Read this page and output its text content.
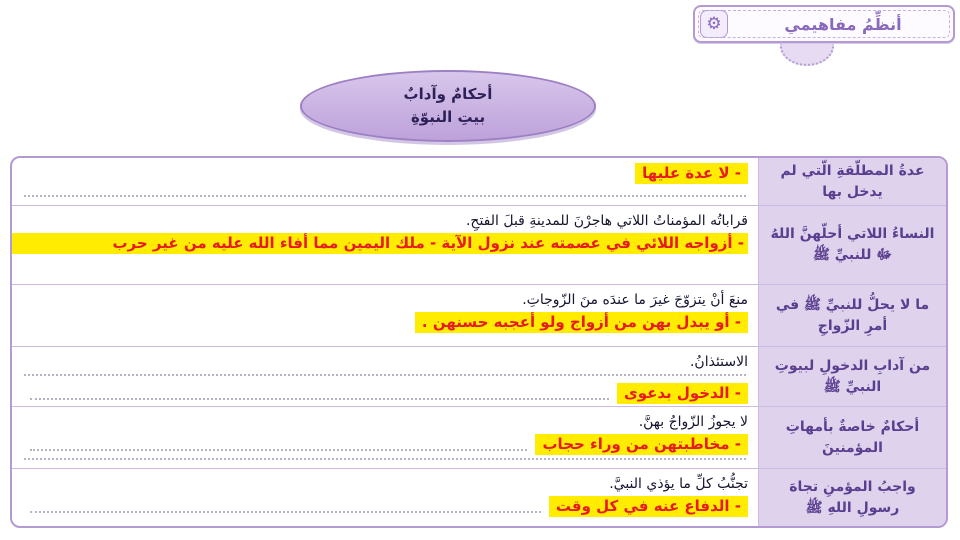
أنظِّمُ مفاهيمي
⚙
أحكامٌ وآدابٌ
بيتِ النبوّةِ
عدةُ المطلّقةِ الّتي لم يدخل بها
- لا عدة عليها
النساءُ اللاتي أحلّهنَّ اللهُ ﷻ للنبيِّ ﷺ
قراباتُه المؤمناتُ اللاتي هاجرْنَ للمدينةِ قبلَ الفتحِ.
- أزواجه اللائي في عصمته عند نزول الآية - ملك اليمين مما أفاء الله عليه من غير حرب
ما لا يحلُّ للنبيِّ ﷺ في أمرِ الزّواجِ
منعَ أنْ يتزوّجَ غيرَ ما عندَه منَ الزّوجاتِ.
- أو يبدل بهن من أزواج ولو أعجبه حسنهن .
من آدابِ الدخولِ لبيوتِ النبيِّ ﷺ
الاستئذانُ.
- الدخول بدعوى
أحكامٌ خاصةٌ بأمهاتِ المؤمنينَ
لا يجوزُ الزّواجُ بهنَّ.
- مخاطبتهن من وراء حجاب
واجبُ المؤمنِ تجاهَ رسولِ اللهِ ﷺ
تجنُّبُ كلِّ ما يؤذي النبيَّ.
- الدفاع عنه في كل وقت
